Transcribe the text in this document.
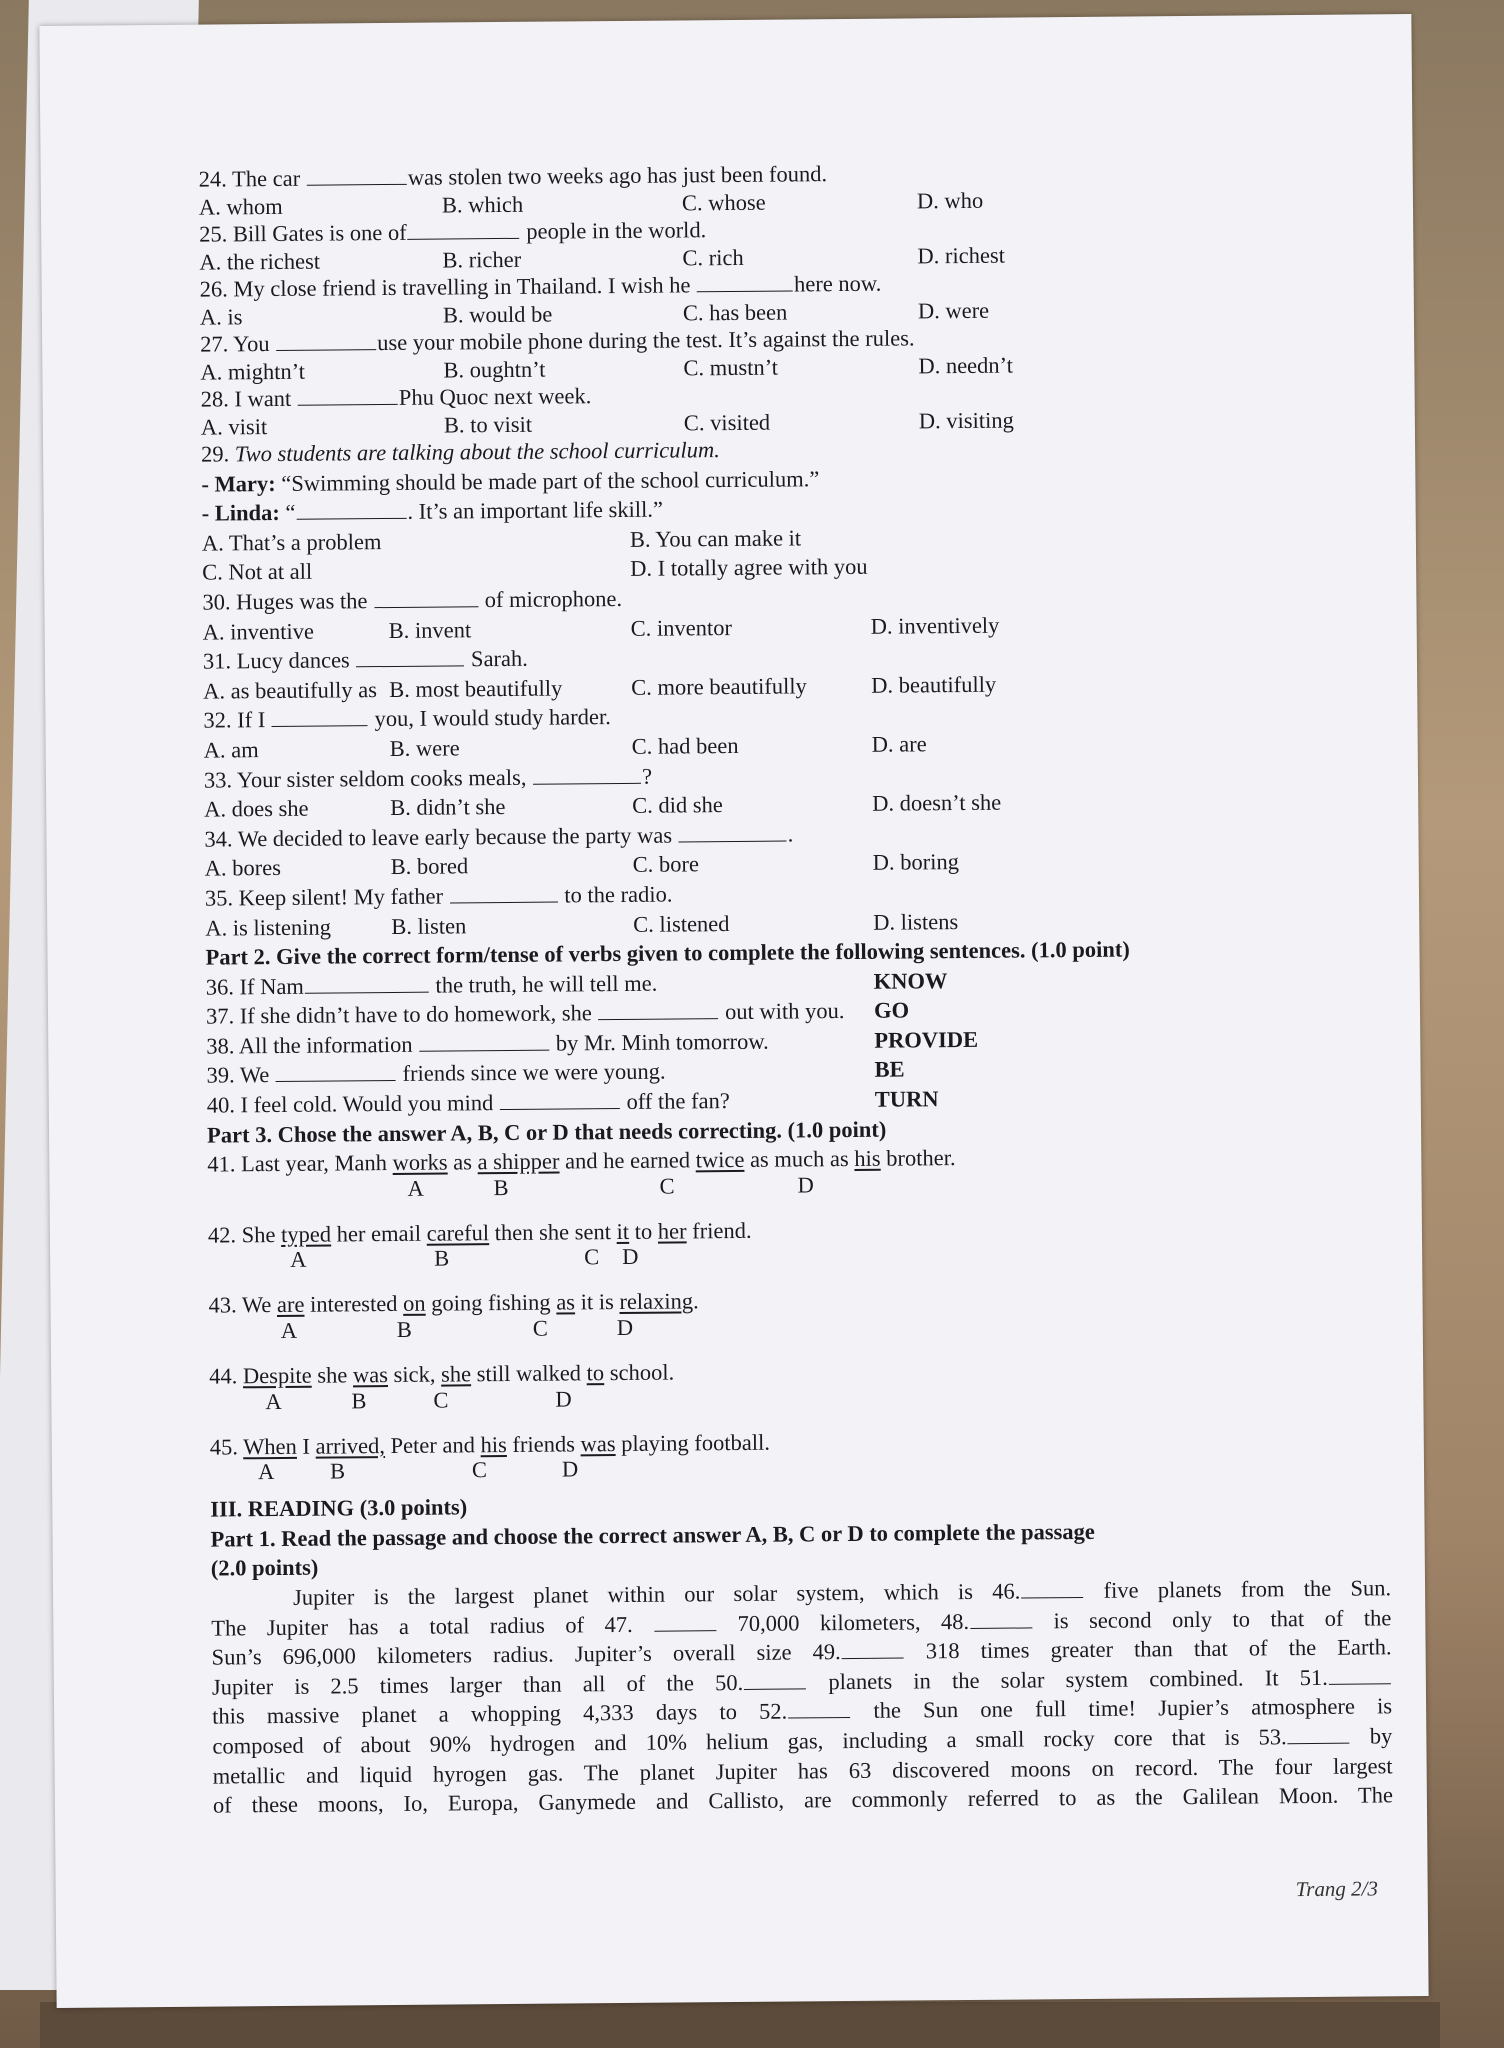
24. The car	was stolen two weeks ago has just been found.
A. whom	B. which	C. whose	D. who
25. Bill Gates is one of	people in the world.
A. the richest	B. richer	C. rich	D. richest
26. My close friend is travelling in Thailand. I wish he	here now.
A. is	B. would be	C. has been	D. were
27. You	use your mobile phone during the test. It’s against the rules.
A. mightn’t	B. oughtn’t	C. mustn’t	D. needn’t
28. I want	Phu Quoc next week.
A. visit	B. to visit	C. visited	D. visiting
29. Two students are talking about the school curriculum.
- Mary: “Swimming should be made part of the school curriculum.”
- Linda: “	. It’s an important life skill.”
A. That’s a problem	B. You can make it
C. Not at all	D. I totally agree with you
30. Huges was the	of microphone.
A. inventive	B. invent	C. inventor	D. inventively
31. Lucy dances	Sarah.
A. as beautifully as B. most beautifully	C. more beautifully	D. beautifully
32. If I	you, I would study harder.
A. am	B. were	C. had been	D. are
33. Your sister seldom cooks meals,	?
A. does she	B. didn’t she	C. did she	D. doesn’t she
34. We decided to leave early because the party was	.
A. bores	B. bored	C. bore	D. boring
35. Keep silent! My father	to the radio.
A. is listening	B. listen	C. listened	D. listens
Part 2. Give the correct form/tense of verbs given to complete the following sentences. (1.0 point)
36. If Nam	the truth, he will tell me.	KNOW
37. If she didn’t have to do homework, she	out with you. GO
38. All the information	by Mr. Minh tomorrow.	PROVIDE
39. We	friends since we were young.	BE
40. I feel cold. Would you mind	off the fan?	TURN
Part 3. Chose the answer A, B, C or D that needs correcting. (1.0 point)
41. Last year, Manh works as a shipper and he earned twice as much as his brother.
A	B	C	D
42. She typed her email careful then she sent it to her friend.
A	B	C D
43. We are interested on going fishing as it is relaxing.
A	B	C	D
44. Despite she was sick, she still walked to school.
A	B	C	D
45. When I arrived, Peter and his friends was playing football.
A B	C	D
III. READING (3.0 points)
Part 1. Read the passage and choose the correct answer A, B, C or D to complete the passage
(2.0 points)
Jupiter is the largest planet within our solar system, which is 46.	five planets from the Sun.
The Jupiter has a total radius of 47.	70,000 kilometers, 48.	is second only to that of the
Sun’s 696,000 kilometers radius. Jupiter’s overall size 49.	318 times greater than that of the Earth.
Jupiter is 2.5 times larger than all of the 50.	planets in the solar system combined. It 51.
this massive planet a whopping 4,333 days to 52.	the Sun one full time! Jupier’s atmosphere is
composed of about 90% hydrogen and 10% helium gas, including a small rocky core that is 53.	by
metallic and liquid hyrogen gas. The planet Jupiter has 63 discovered moons on record. The four largest
of these moons, Io, Europa, Ganymede and Callisto, are commonly referred to as the Galilean Moon. The
Trang 2/3
